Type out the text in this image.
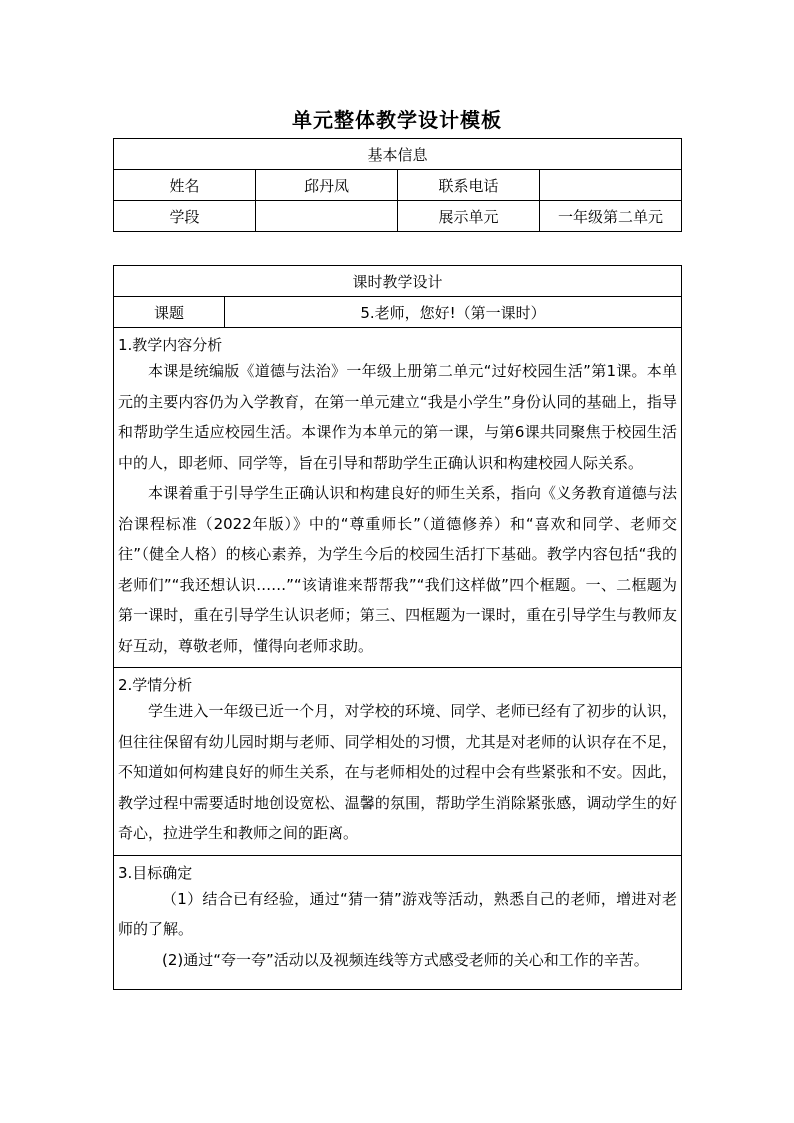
单元整体教学设计模板
基本信息			
姓名	邱丹凤	联系电话	
学段		展示单元	一年级第二单元
课时教学设计
课题	5.老师，您好!（第一课时）

1.教学内容分析

本课是统编版《道德与法治》一年级上册第二单元“过好校园生活”第1课。本单元的主要内容仍为入学教育，在第一单元建立“我是小学生”身份认同的基础上，指导和帮助学生适应校园生活。本课作为本单元的第一课，与第6课共同聚焦于校园生活中的人，即老师、同学等，旨在引导和帮助学生正确认识和构建校园人际关系。

本课着重于引导学生正确认识和构建良好的师生关系，指向《义务教育道德与法治课程标准（2022年版）》中的“尊重师长”（道德修养）和“喜欢和同学、老师交往”（健全人格）的核心素养，为学生今后的校园生活打下基础。教学内容包括“我的老师们”“我还想认识……”“该请谁来帮帮我”“我们这样做”四个框题。一、二框题为第一课时，重在引导学生认识老师；第三、四框题为一课时，重在引导学生与教师友好互动，尊敬老师，懂得向老师求助。

2.学情分析

学生进入一年级已近一个月，对学校的环境、同学、老师已经有了初步的认识，但往往保留有幼儿园时期与老师、同学相处的习惯，尤其是对老师的认识存在不足，不知道如何构建良好的师生关系，在与老师相处的过程中会有些紧张和不安。因此，教学过程中需要适时地创设宽松、温馨的氛围，帮助学生消除紧张感，调动学生的好奇心，拉进学生和教师之间的距离。

3.目标确定

（1）结合已有经验，通过“猜一猜”游戏等活动，熟悉自己的老师，增进对老师的了解。

(2)通过“夸一夸”活动以及视频连线等方式感受老师的关心和工作的辛苦。
